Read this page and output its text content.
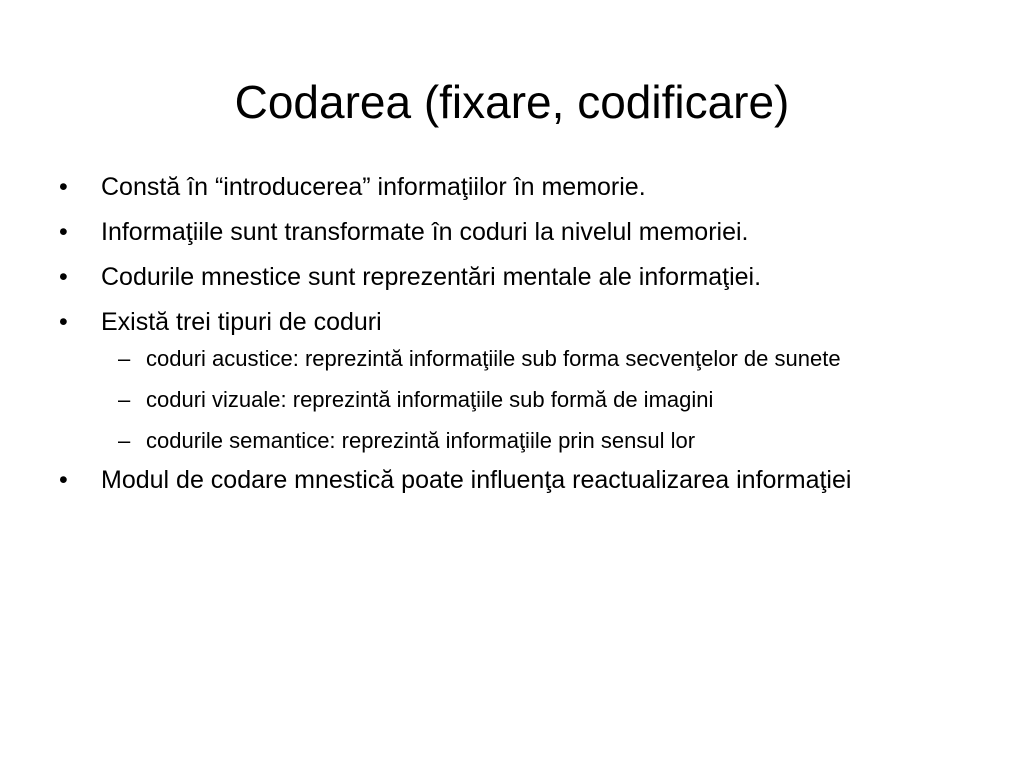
Codarea (fixare, codificare)
• Constă în “introducerea” informaţiilor în memorie.
• Informaţiile sunt transformate în coduri la nivelul memoriei.
• Codurile mnestice sunt reprezentări mentale ale informaţiei.
• Există trei tipuri de coduri
– coduri acustice: reprezintă informaţiile sub forma secvenţelor de sunete
– coduri vizuale: reprezintă informaţiile sub formă de imagini
– codurile semantice: reprezintă informaţiile prin sensul lor
• Modul de codare mnestică poate influenţa reactualizarea informaţiei
